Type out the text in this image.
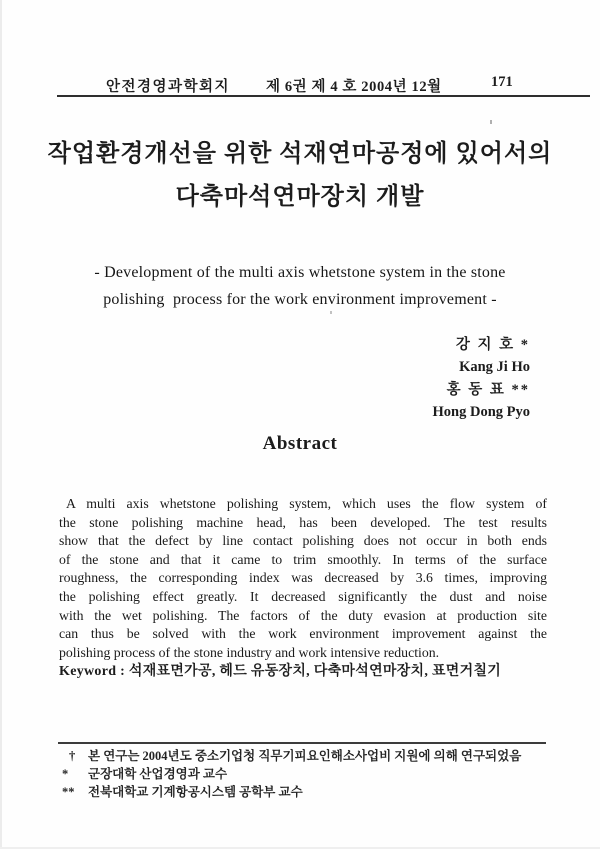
안전경영과학회지 제 6권 제 4 호 2004년 12월	171
작업환경개선을 위한 석재연마공정에 있어서의
다축마석연마장치 개발
- Development of the multi axis whetstone system in the stone
polishing  process for the work environment improvement -
강 지 호 *
Kang Ji Ho
홍 동 표 **
Hong Dong Pyo
Abstract
A multi axis whetstone polishing system, which uses the flow system of
the stone polishing machine head, has been developed. The test results
show that the defect by line contact polishing does not occur in both ends
of the stone and that it came to trim smoothly. In terms of the surface
roughness, the corresponding index was decreased by 3.6 times, improving
the polishing effect greatly. It decreased significantly the dust and noise
with the wet polishing. The factors of the duty evasion at production site
can thus be solved with the work environment improvement against the
polishing process of the stone industry and work intensive reduction.
Keyword : 석재표면가공, 헤드 유동장치, 다축마석연마장치, 표면거칠기
†	본 연구는 2004년도 중소기업청 직무기피요인해소사업비 지원에 의해 연구되었음
*	군장대학 산업경영과 교수
**	전북대학교 기계항공시스템 공학부 교수
